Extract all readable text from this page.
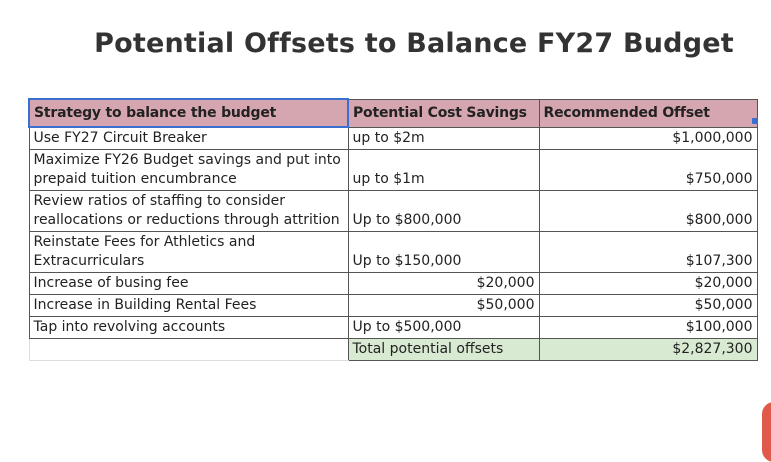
Potential Offsets to Balance FY27 Budget
Strategy to balance the budget	Potential Cost Savings	Recommended Offset
Use FY27 Circuit Breaker	up to $2m	$1,000,000
Maximize FY26 Budget savings and put into prepaid tuition encumbrance	up to $1m	$750,000
Review ratios of staffing to consider reallocations or reductions through attrition	Up to $800,000	$800,000
Reinstate Fees for Athletics and Extracurriculars	Up to $150,000	$107,300
Increase of busing fee	$20,000	$20,000
Increase in Building Rental Fees	$50,000	$50,000
Tap into revolving accounts	Up to $500,000	$100,000
	Total potential offsets	$2,827,300
